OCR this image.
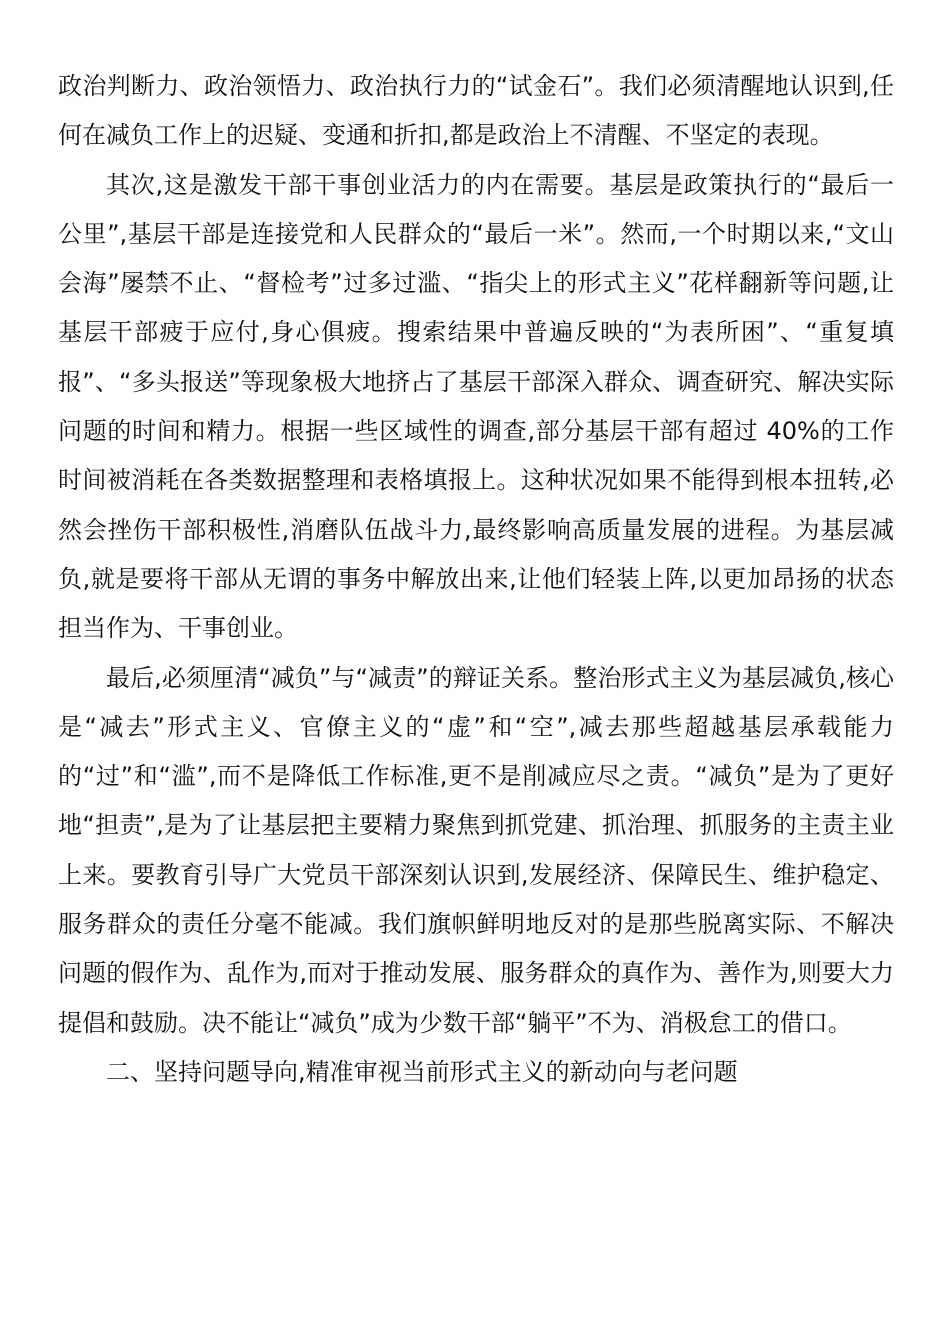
政治判断力、政治领悟力、政治执行力的“试金石”。我们必须清醒地认识到,任何在减负工作上的迟疑、变通和折扣,都是政治上不清醒、不坚定的表现。

其次,这是激发干部干事创业活力的内在需要。基层是政策执行的“最后一公里”,基层干部是连接党和人民群众的“最后一米”。然而,一个时期以来,“文山会海”屡禁不止、“督检考”过多过滥、“指尖上的形式主义”花样翻新等问题,让基层干部疲于应付,身心俱疲。搜索结果中普遍反映的“为表所困”、“重复填报”、“多头报送”等现象极大地挤占了基层干部深入群众、调查研究、解决实际问题的时间和精力。根据一些区域性的调查,部分基层干部有超过 40%的工作时间被消耗在各类数据整理和表格填报上。这种状况如果不能得到根本扭转,必然会挫伤干部积极性,消磨队伍战斗力,最终影响高质量发展的进程。为基层减负,就是要将干部从无谓的事务中解放出来,让他们轻装上阵,以更加昂扬的状态担当作为、干事创业。

最后,必须厘清“减负”与“减责”的辩证关系。整治形式主义为基层减负,核心是“减去”形式主义、官僚主义的“虚”和“空”,减去那些超越基层承载能力的“过”和“滥”,而不是降低工作标准,更不是削减应尽之责。“减负”是为了更好地“担责”,是为了让基层把主要精力聚焦到抓党建、抓治理、抓服务的主责主业上来。要教育引导广大党员干部深刻认识到,发展经济、保障民生、维护稳定、服务群众的责任分毫不能减。我们旗帜鲜明地反对的是那些脱离实际、不解决问题的假作为、乱作为,而对于推动发展、服务群众的真作为、善作为,则要大力提倡和鼓励。决不能让“减负”成为少数干部“躺平”不为、消极怠工的借口。

二、坚持问题导向,精准审视当前形式主义的新动向与老问题
